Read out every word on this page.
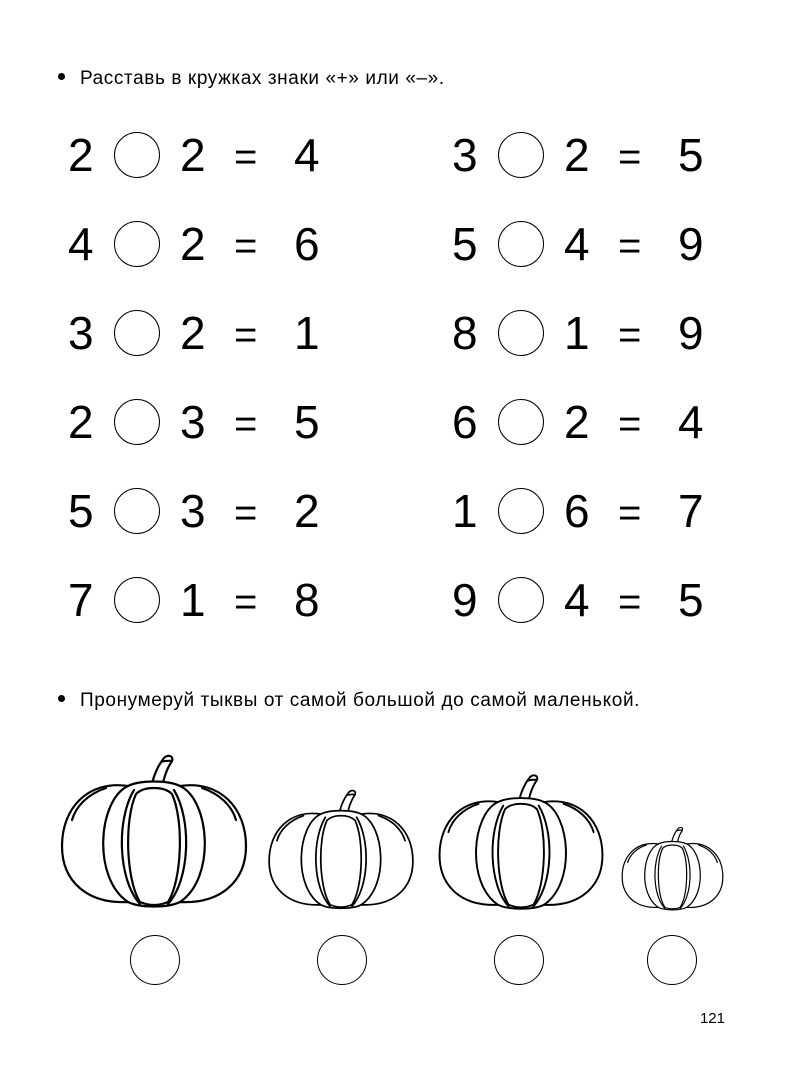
Расставь в кружках знаки «+» или «–».
2 2 = 4
4 2 = 6
3 2 = 1
2 3 = 5
5 3 = 2
7 1 = 8
3 2 = 5
5 4 = 9
8 1 = 9
6 2 = 4
1 6 = 7
9 4 = 5
Пронумеруй тыквы от самой большой до самой маленькой.
121
